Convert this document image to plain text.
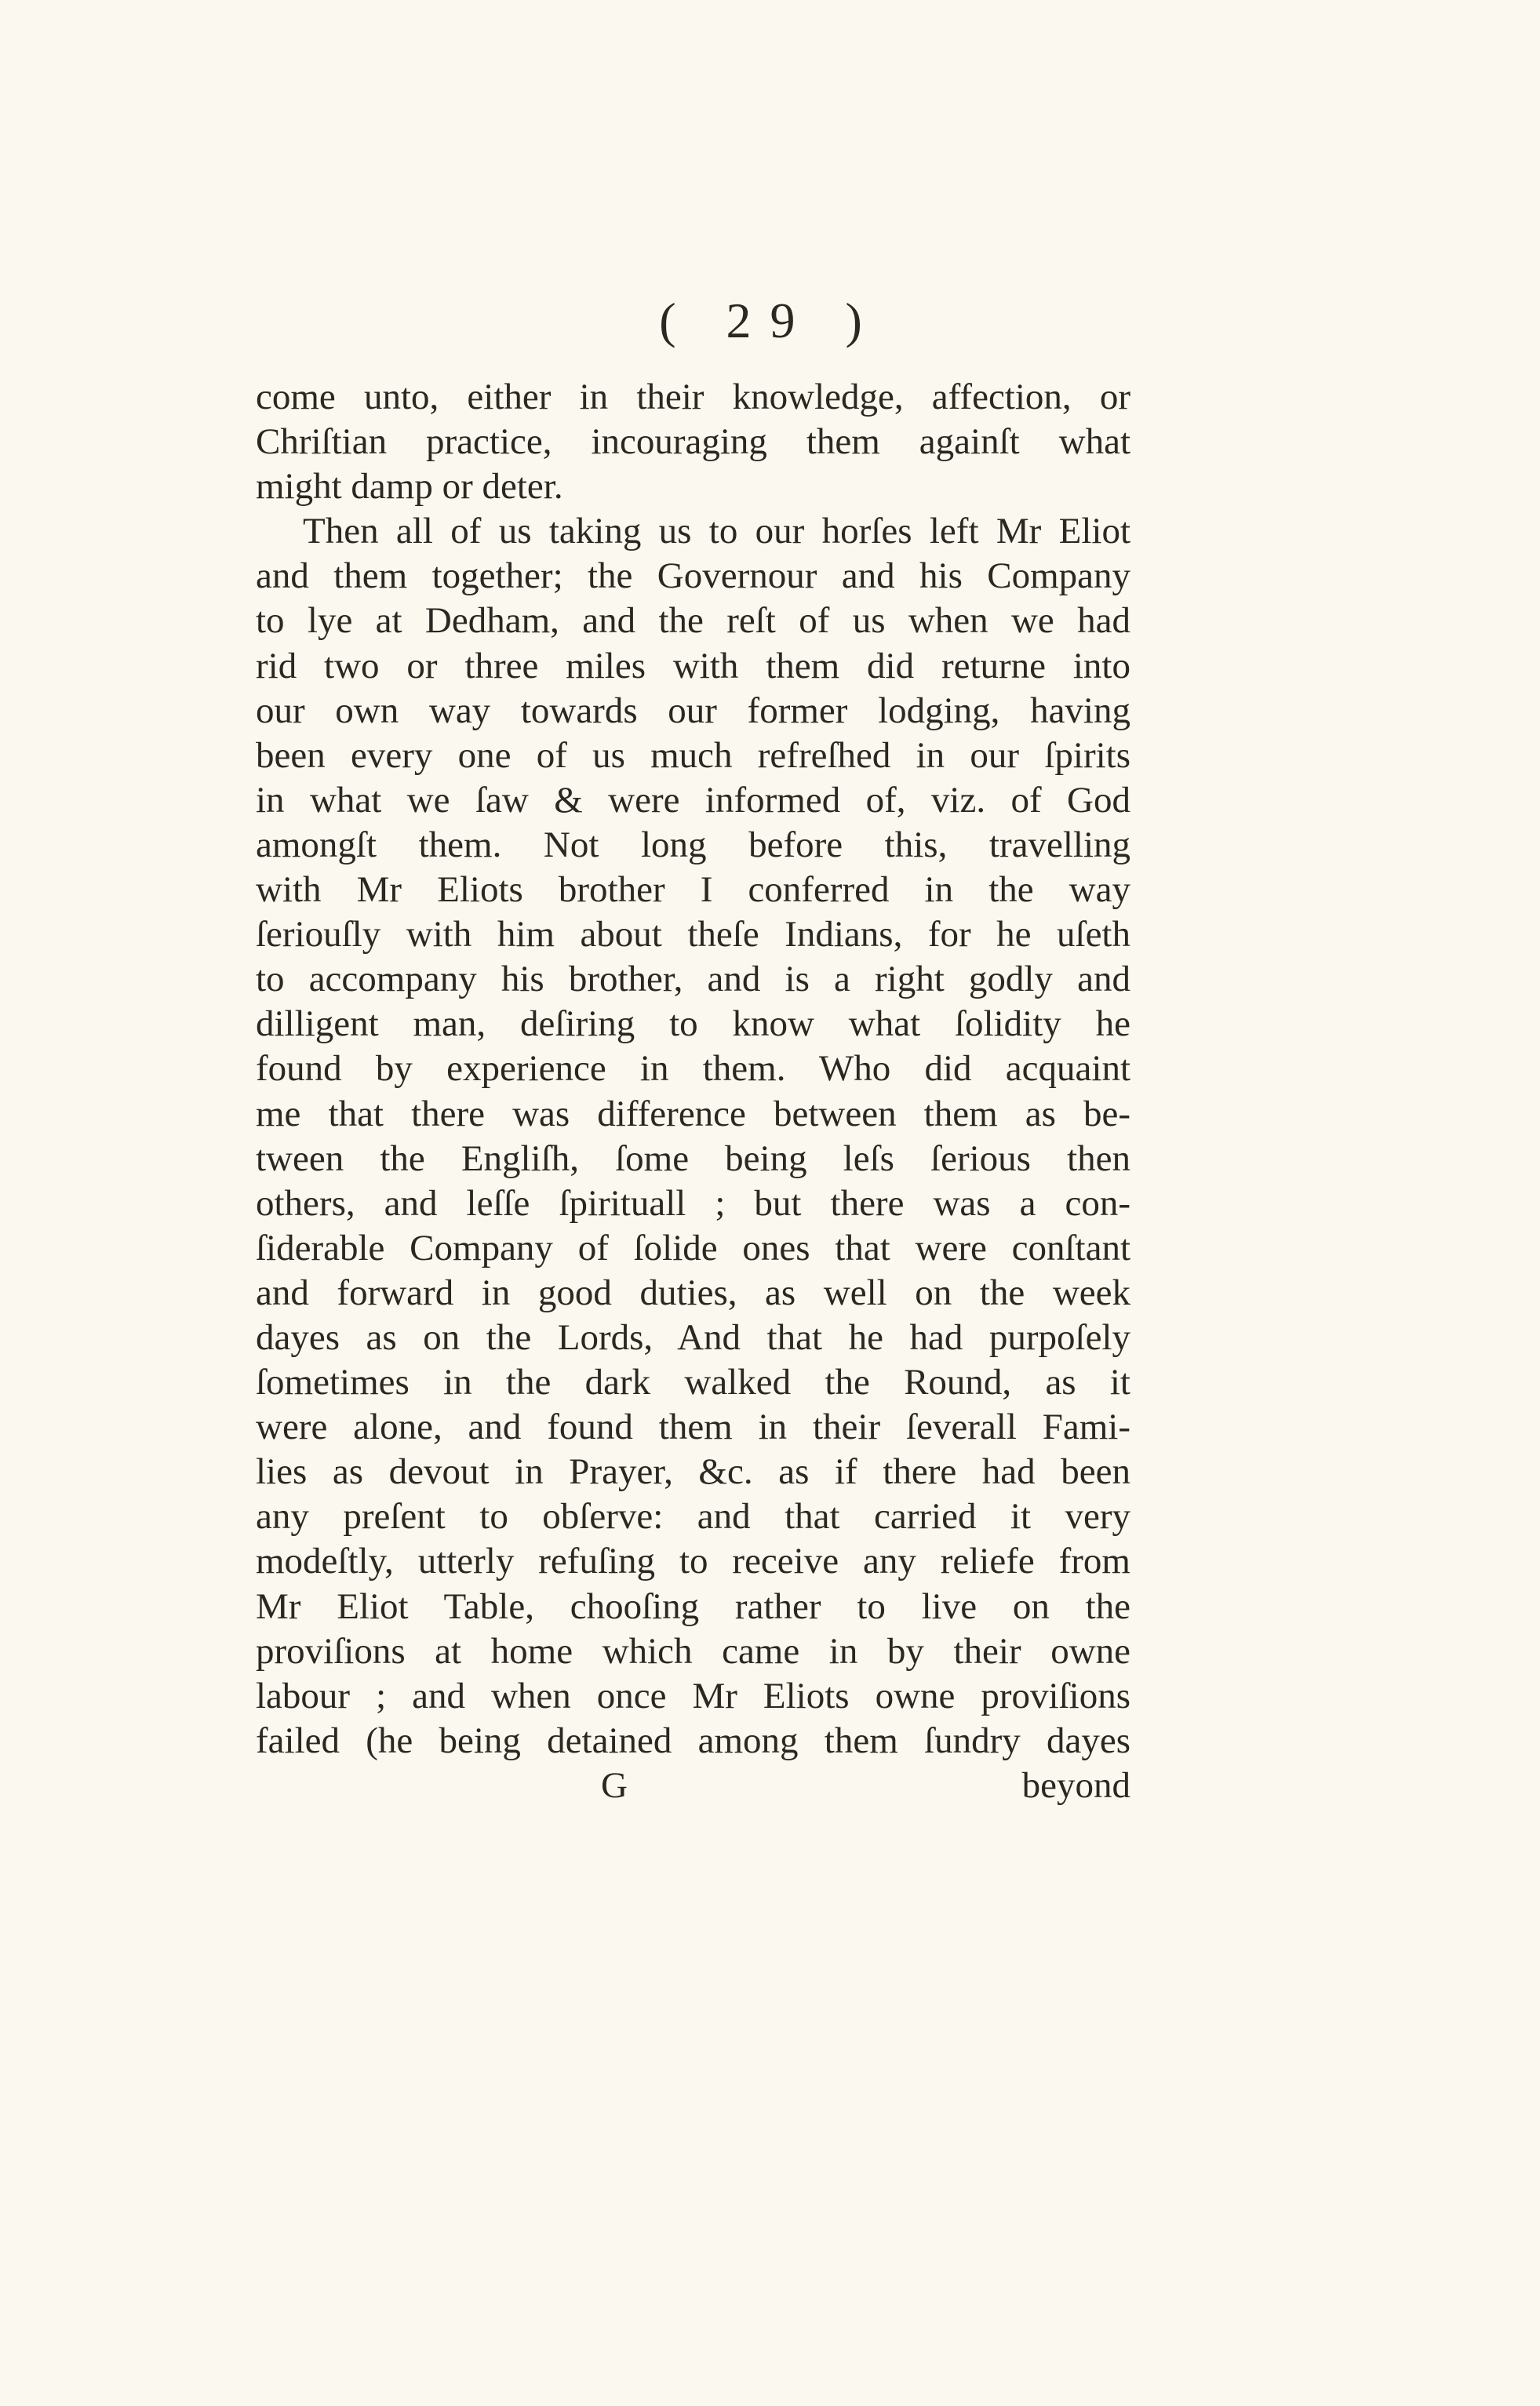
( 29 )
come unto, either in their knowledge, affection, or
Chriſtian practice, incouraging them againſt what
might damp or deter.
Then all of us taking us to our horſes left Mr Eliot
and them together; the Governour and his Company
to lye at Dedham, and the reſt of us when we had
rid two or three miles with them did returne into
our own way towards our former lodging, having
been every one of us much refreſhed in our ſpirits
in what we ſaw & were informed of, viz. of God
amongſt them. Not long before this, travelling
with Mr Eliots brother I conferred in the way
ſeriouſly with him about theſe Indians, for he uſeth
to accompany his brother, and is a right godly and
dilligent man, deſiring to know what ſolidity he
found by experience in them. Who did acquaint
me that there was difference between them as be-
tween the Engliſh, ſome being leſs ſerious then
others, and leſſe ſpirituall ; but there was a con-
ſiderable Company of ſolide ones that were conſtant
and forward in good duties, as well on the week
dayes as on the Lords, And that he had purpoſely
ſometimes in the dark walked the Round, as it
were alone, and found them in their ſeverall Fami-
lies as devout in Prayer, &c. as if there had been
any preſent to obſerve: and that carried it very
modeſtly, utterly refuſing to receive any reliefe from
Mr Eliot Table, chooſing rather to live on the
proviſions at home which came in by their owne
labour ; and when once Mr Eliots owne proviſions
failed (he being detained among them ſundry dayes
G	beyond
